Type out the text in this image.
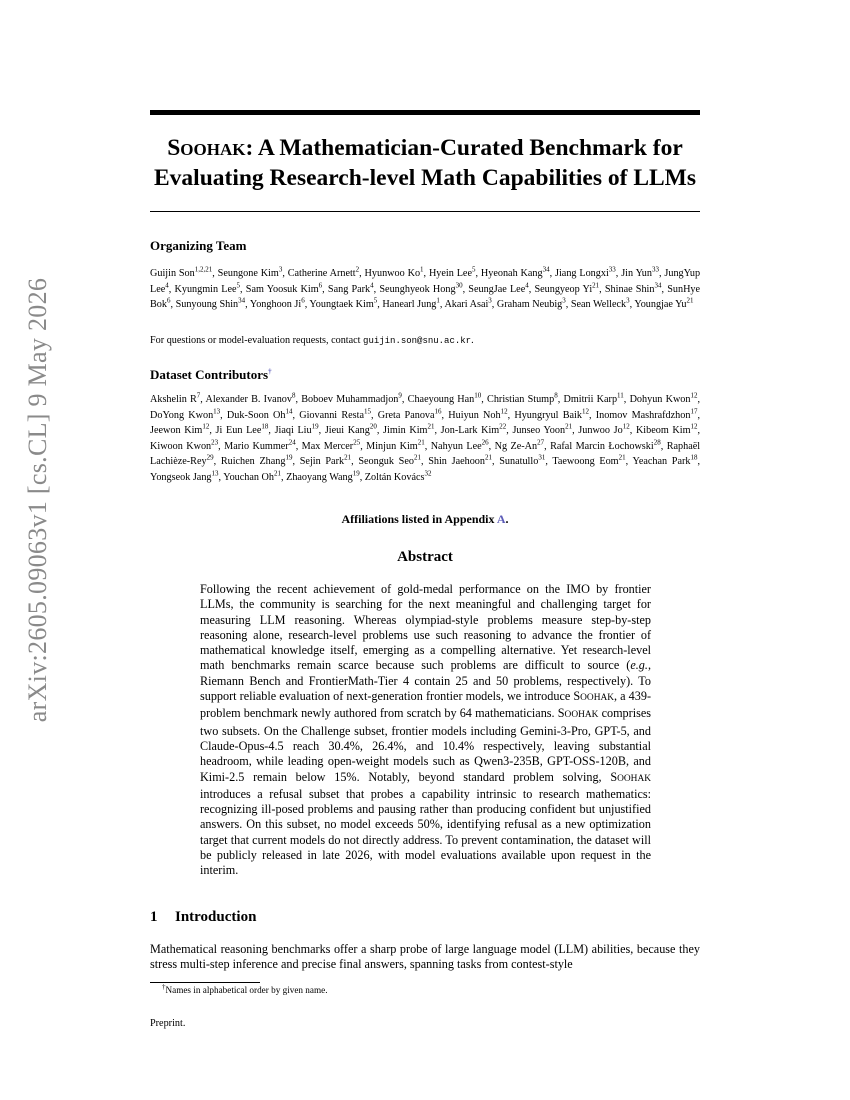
arXiv:2605.09063v1 [cs.CL] 9 May 2026
SOOHAK: A Mathematician-Curated Benchmark for
Evaluating Research-level Math Capabilities of LLMs
Organizing Team
Guijin Son$^{1,2,21}$, Seungone Kim$^3$, Catherine Arnett$^2$, Hyunwoo Ko$^1$, Hyein Lee$^5$, Hyeonah Kang$^{34}$, Jiang Longxi$^{33}$, Jin Yun$^{33}$, JungYup Lee$^4$, Kyungmin Lee$^5$, Sam Yoosuk Kim$^6$, Sang Park$^4$, Seunghyeok Hong$^{30}$, SeungJae Lee$^4$, Seungyeop Yi$^{21}$, Shinae Shin$^{34}$, SunHye Bok$^6$, Sunyoung Shin$^{34}$, Yonghoon Ji$^6$, Youngtaek Kim$^5$, Hanearl Jung$^1$, Akari Asai$^3$, Graham Neubig$^3$, Sean Welleck$^3$, Youngjae Yu$^{21}$
For questions or model-evaluation requests, contact guijin.son@snu.ac.kr.
Dataset Contributors†
Akshelin $R^7$, Alexander B. Ivanov$^8$, Boboev Muhammadjon$^9$, Chaeyoung Han$^{10}$, Christian Stump$^8$, Dmitrii Karp$^{11}$, Dohyun Kwon$^{12}$, DoYong Kwon$^{13}$, Duk-Soon Oh$^{14}$, Giovanni Resta$^{15}$, Greta Panova$^{16}$, Huiyun Noh$^{12}$, Hyungryul Baik$^{12}$, Inomov Mashrafdzhon$^{17}$, Jeewon Kim$^{12}$, Ji Eun Lee$^{18}$, Jiaqi Liu$^{19}$, Jieui Kang$^{20}$, Jimin Kim$^{21}$, Jon-Lark Kim$^{22}$, Junseo Yoon$^{21}$, Junwoo Jo$^{12}$, Kibeom Kim$^{12}$, Kiwoon Kwon$^{23}$, Mario Kummer$^{24}$, Max Mercer$^{25}$, Minjun Kim$^{21}$, Nahyun Lee$^{26}$, Ng Ze-An$^{27}$, Rafal Marcin Łochowski$^{28}$, Raphaël Lachièze-Rey$^{29}$, Ruichen Zhang$^{19}$, Sejin Park$^{21}$, Seonguk Seo$^{21}$, Shin Jaehoon$^{21}$, Sunatullo$^{31}$, Taewoong Eom$^{21}$, Yeachan Park$^{18}$, Yongseok Jang$^{13}$, Youchan Oh$^{21}$, Zhaoyang Wang$^{19}$, Zoltán Kovács$^{32}$
Affiliations listed in Appendix A.
Abstract
Following the recent achievement of gold-medal performance on the IMO by frontier LLMs, the community is searching for the next meaningful and challenging target for measuring LLM reasoning. Whereas olympiad-style problems measure step-by-step reasoning alone, research-level problems use such reasoning to advance the frontier of mathematical knowledge itself, emerging as a compelling alternative. Yet research-level math benchmarks remain scarce because such problems are difficult to source (e.g., Riemann Bench and FrontierMath-Tier 4 contain 25 and 50 problems, respectively). To support reliable evaluation of next-generation frontier models, we introduce SOOHAK, a 439-problem benchmark newly authored from scratch by 64 mathematicians. SOOHAK comprises two subsets. On the Challenge subset, frontier models including Gemini-3-Pro, GPT-5, and Claude-Opus-4.5 reach 30.4%, 26.4%, and 10.4% respectively, leaving substantial headroom, while leading open-weight models such as Qwen3-235B, GPT-OSS-120B, and Kimi-2.5 remain below 15%. Notably, beyond standard problem solving, SOOHAK introduces a refusal subset that probes a capability intrinsic to research mathematics: recognizing ill-posed problems and pausing rather than producing confident but unjustified answers. On this subset, no model exceeds 50%, identifying refusal as a new optimization target that current models do not directly address. To prevent contamination, the dataset will be publicly released in late 2026, with model evaluations available upon request in the interim.
1 Introduction
Mathematical reasoning benchmarks offer a sharp probe of large language model (LLM) abilities, because they stress multi-step inference and precise final answers, spanning tasks from contest-style
†Names in alphabetical order by given name.
Preprint.
